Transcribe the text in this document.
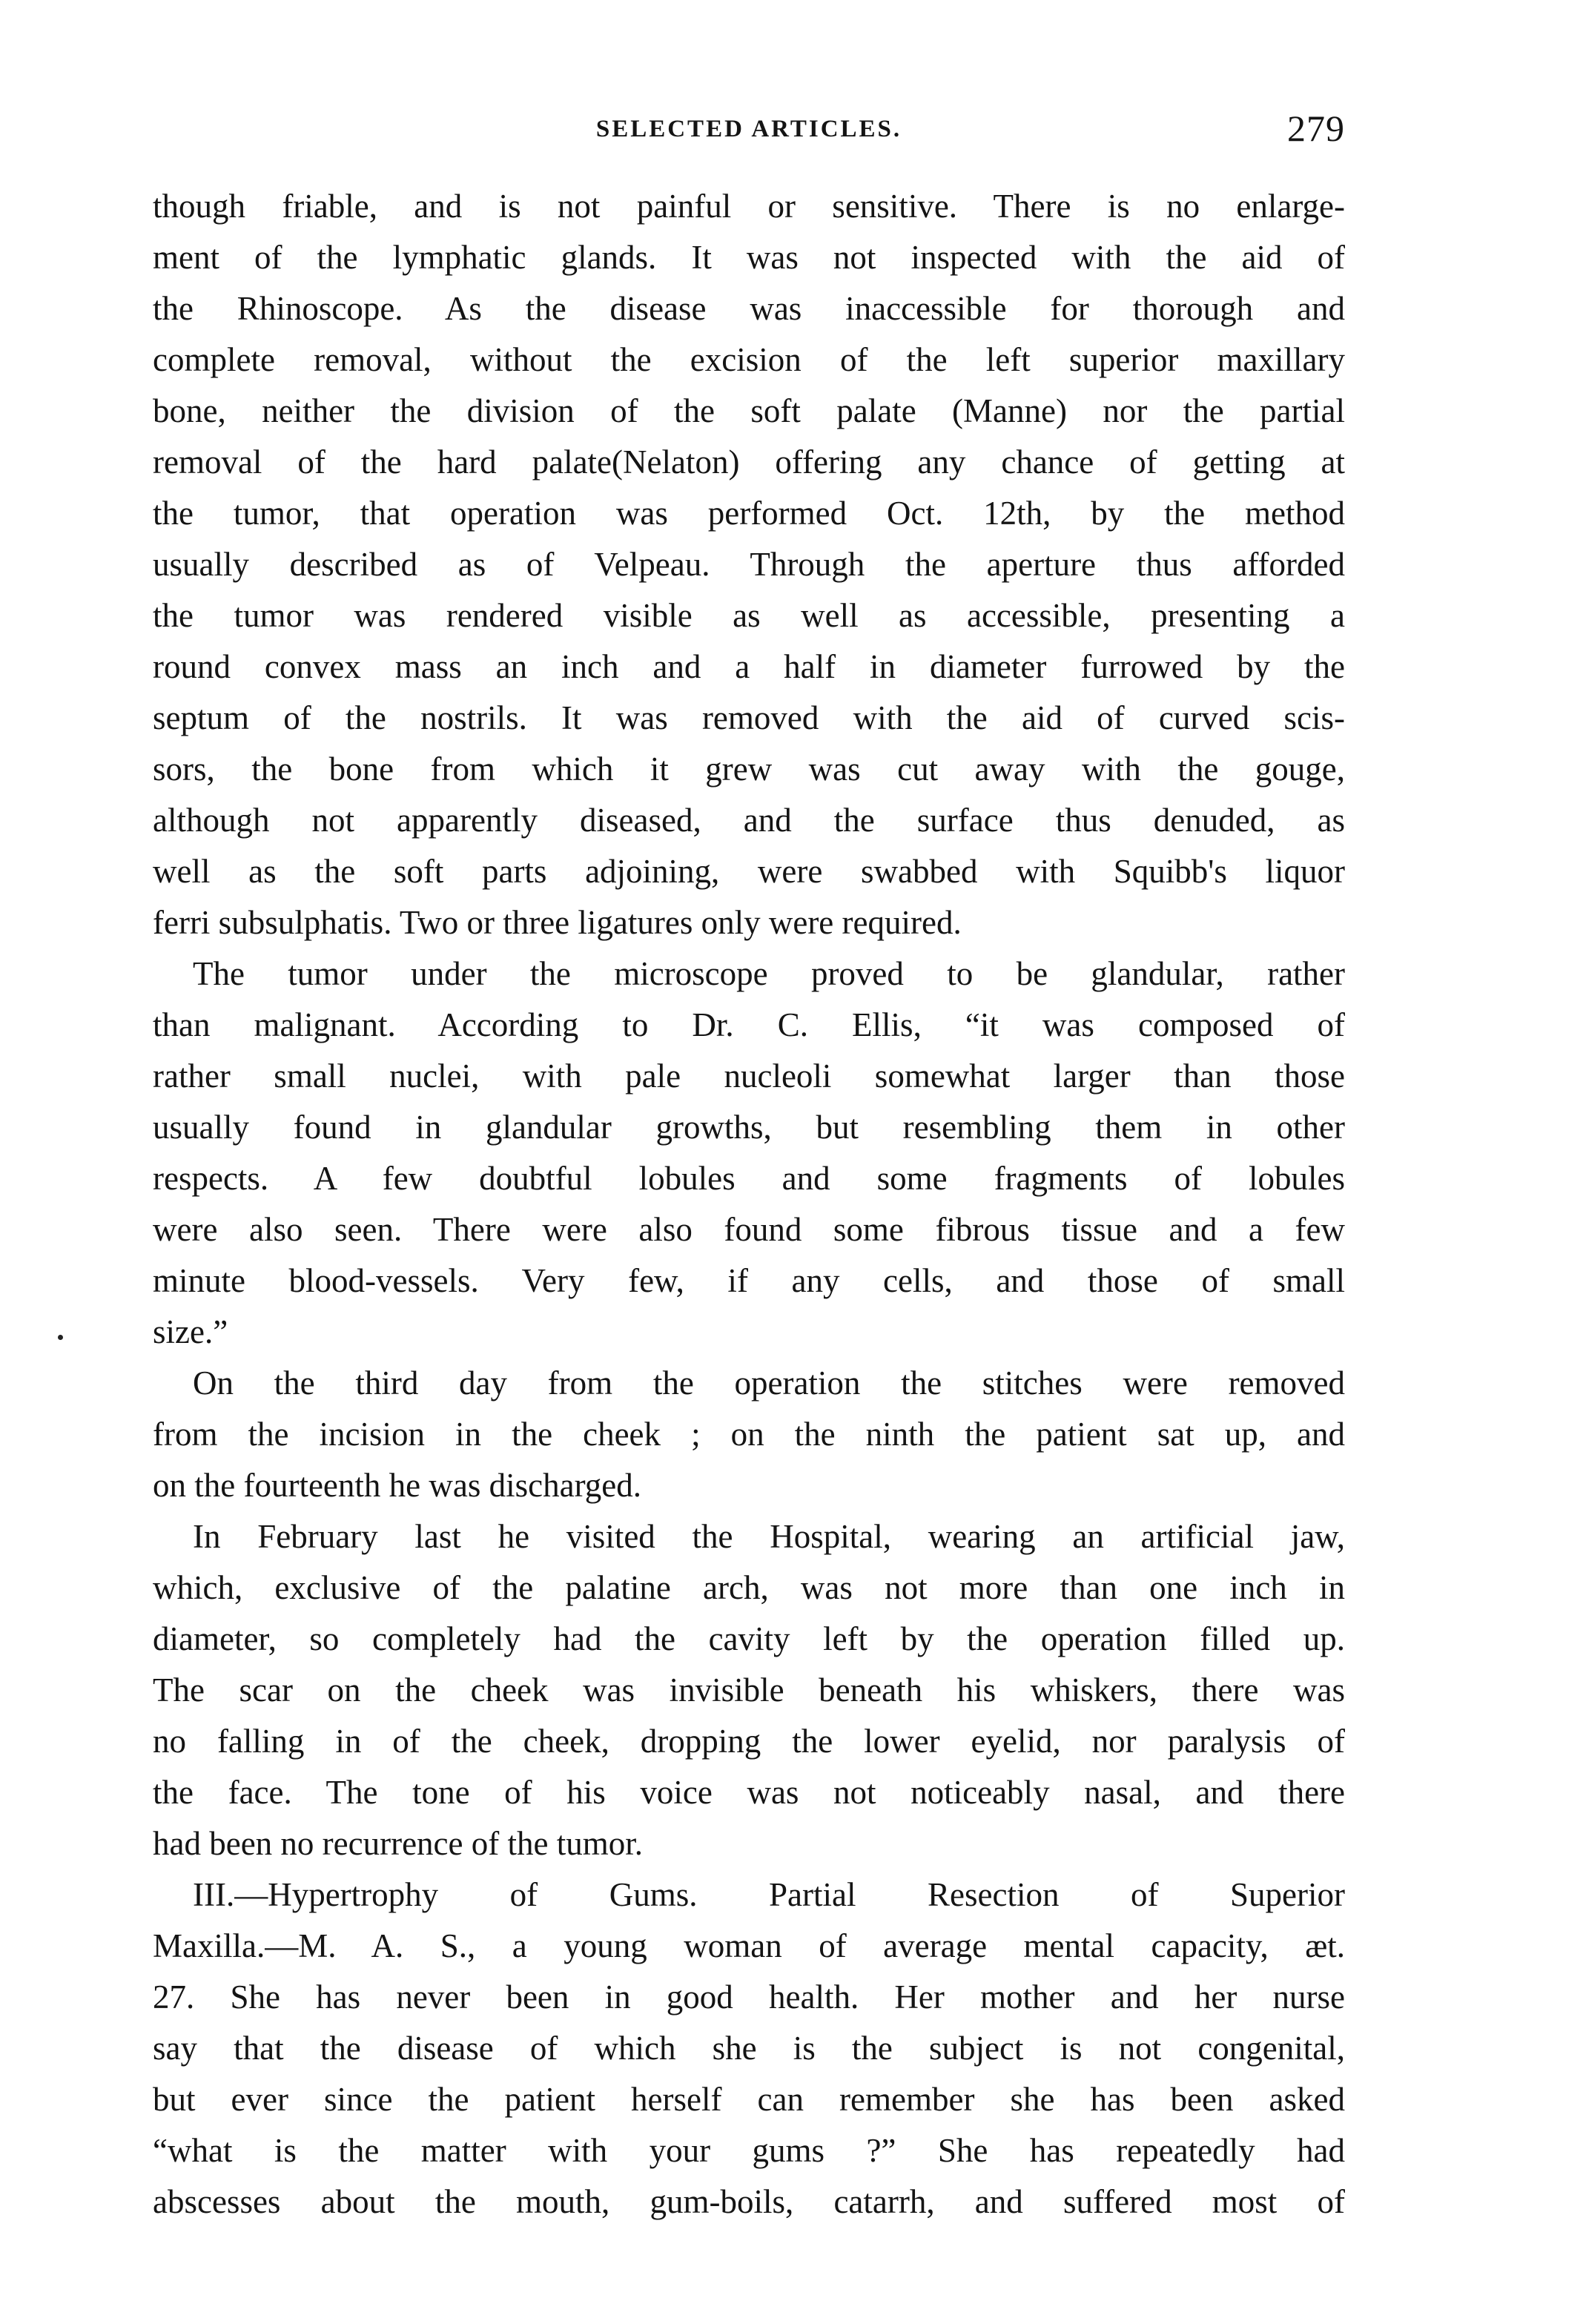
SELECTED ARTICLES.	279

though friable, and is not painful or sensitive. There is no enlarge-
ment of the lymphatic glands. It was not inspected with the aid of
the Rhinoscope. As the disease was inaccessible for thorough and
complete removal, without the excision of the left superior maxillary
bone, neither the division of the soft palate (Manne) nor the partial
removal of the hard palate(Nelaton) offering any chance of getting at
the tumor, that operation was performed Oct. 12th, by the method
usually described as of Velpeau. Through the aperture thus afforded
the tumor was rendered visible as well as accessible, presenting a
round convex mass an inch and a half in diameter furrowed by the
septum of the nostrils. It was removed with the aid of curved scis-
sors, the bone from which it grew was cut away with the gouge,
although not apparently diseased, and the surface thus denuded, as
well as the soft parts adjoining, were swabbed with Squibb's liquor
ferri subsulphatis. Two or three ligatures only were required.

The tumor under the microscope proved to be glandular, rather
than malignant. According to Dr. C. Ellis, “it was composed of
rather small nuclei, with pale nucleoli somewhat larger than those
usually found in glandular growths, but resembling them in other
respects. A few doubtful lobules and some fragments of lobules
were also seen. There were also found some fibrous tissue and a few
minute blood-vessels. Very few, if any cells, and those of small
size.”

On the third day from the operation the stitches were removed
from the incision in the cheek ; on the ninth the patient sat up, and
on the fourteenth he was discharged.

In February last he visited the Hospital, wearing an artificial jaw,
which, exclusive of the palatine arch, was not more than one inch in
diameter, so completely had the cavity left by the operation filled up.
The scar on the cheek was invisible beneath his whiskers, there was
no falling in of the cheek, dropping the lower eyelid, nor paralysis of
the face. The tone of his voice was not noticeably nasal, and there
had been no recurrence of the tumor.

III.—Hypertrophy of Gums. Partial Resection of Superior
Maxilla.—M. A. S., a young woman of average mental capacity, æt.
27. She has never been in good health. Her mother and her nurse
say that the disease of which she is the subject is not congenital,
but ever since the patient herself can remember she has been asked
“what is the matter with your gums ?” She has repeatedly had
abscesses about the mouth, gum-boils, catarrh, and suffered most of
